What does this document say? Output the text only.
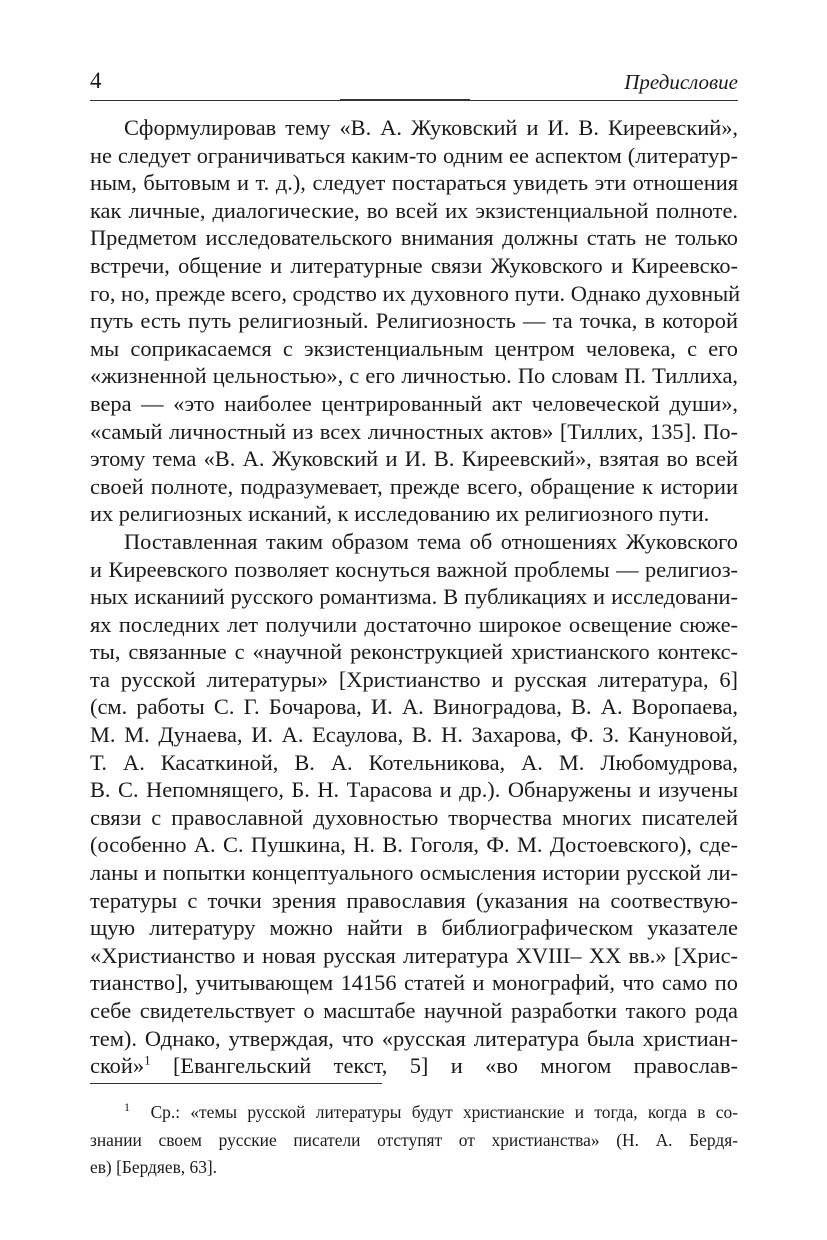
4	Предисловие
Сформулировав тему «В. А. Жуковский и И. В. Киреевский»,
не следует ограничиваться каким-то одним ее аспектом (литератур-
ным, бытовым и т. д.), следует постараться увидеть эти отношения
как личные, диалогические, во всей их экзистенциальной полноте.
Предметом исследовательского внимания должны стать не только
встречи, общение и литературные связи Жуковского и Киреевско-
го, но, прежде всего, сродство их духовного пути. Однако духовный
путь есть путь религиозный. Религиозность — та точка, в которой
мы соприкасаемся с экзистенциальным центром человека, с его
«жизненной цельностью», с его личностью. По словам П. Тиллиха,
вера — «это наиболее центрированный акт человеческой души»,
«самый личностный из всех личностных актов» [Тиллих, 135]. По-
этому тема «В. А. Жуковский и И. В. Киреевский», взятая во всей
своей полноте, подразумевает, прежде всего, обращение к истории
их религиозных исканий, к исследованию их религиозного пути.
Поставленная таким образом тема об отношениях Жуковского
и Киреевского позволяет коснуться важной проблемы — религиоз-
ных исканиий русского романтизма. В публикациях и исследовани-
ях последних лет получили достаточно широкое освещение сюже-
ты, связанные с «научной реконструкцией христианского контекс-
та русской литературы» [Христианство и русская литература, 6]
(см. работы С. Г. Бочарова, И. А. Виноградова, В. А. Воропаева,
М. М. Дунаева, И. А. Есаулова, В. Н. Захарова, Ф. З. Кануновой,
Т. А. Касаткиной, В. А. Котельникова, А. М. Любомудрова,
В. С. Непомнящего, Б. Н. Тарасова и др.). Обнаружены и изучены
связи с православной духовностью творчества многих писателей
(особенно А. С. Пушкина, Н. В. Гоголя, Ф. М. Достоевского), сде-
ланы и попытки концептуального осмысления истории русской ли-
тературы с точки зрения православия (указания на соотвествую-
щую литературу можно найти в библиографическом указателе
«Христианство и новая русская литература XVIII– XX вв.» [Хрис-
тианство], учитывающем 14156 статей и монографий, что само по
себе свидетельствует о масштабе научной разработки такого рода
тем). Однако, утверждая, что «русская литература была христиан-
ской»$^1$ [Евангельский текст, 5] и «во многом православ-
$^1$ Ср.: «темы русской литературы будут христианские и тогда, когда в со-
знании своем русские писатели отступят от христианства» (Н. А. Бердя-
ев) [Бердяев, 63].
